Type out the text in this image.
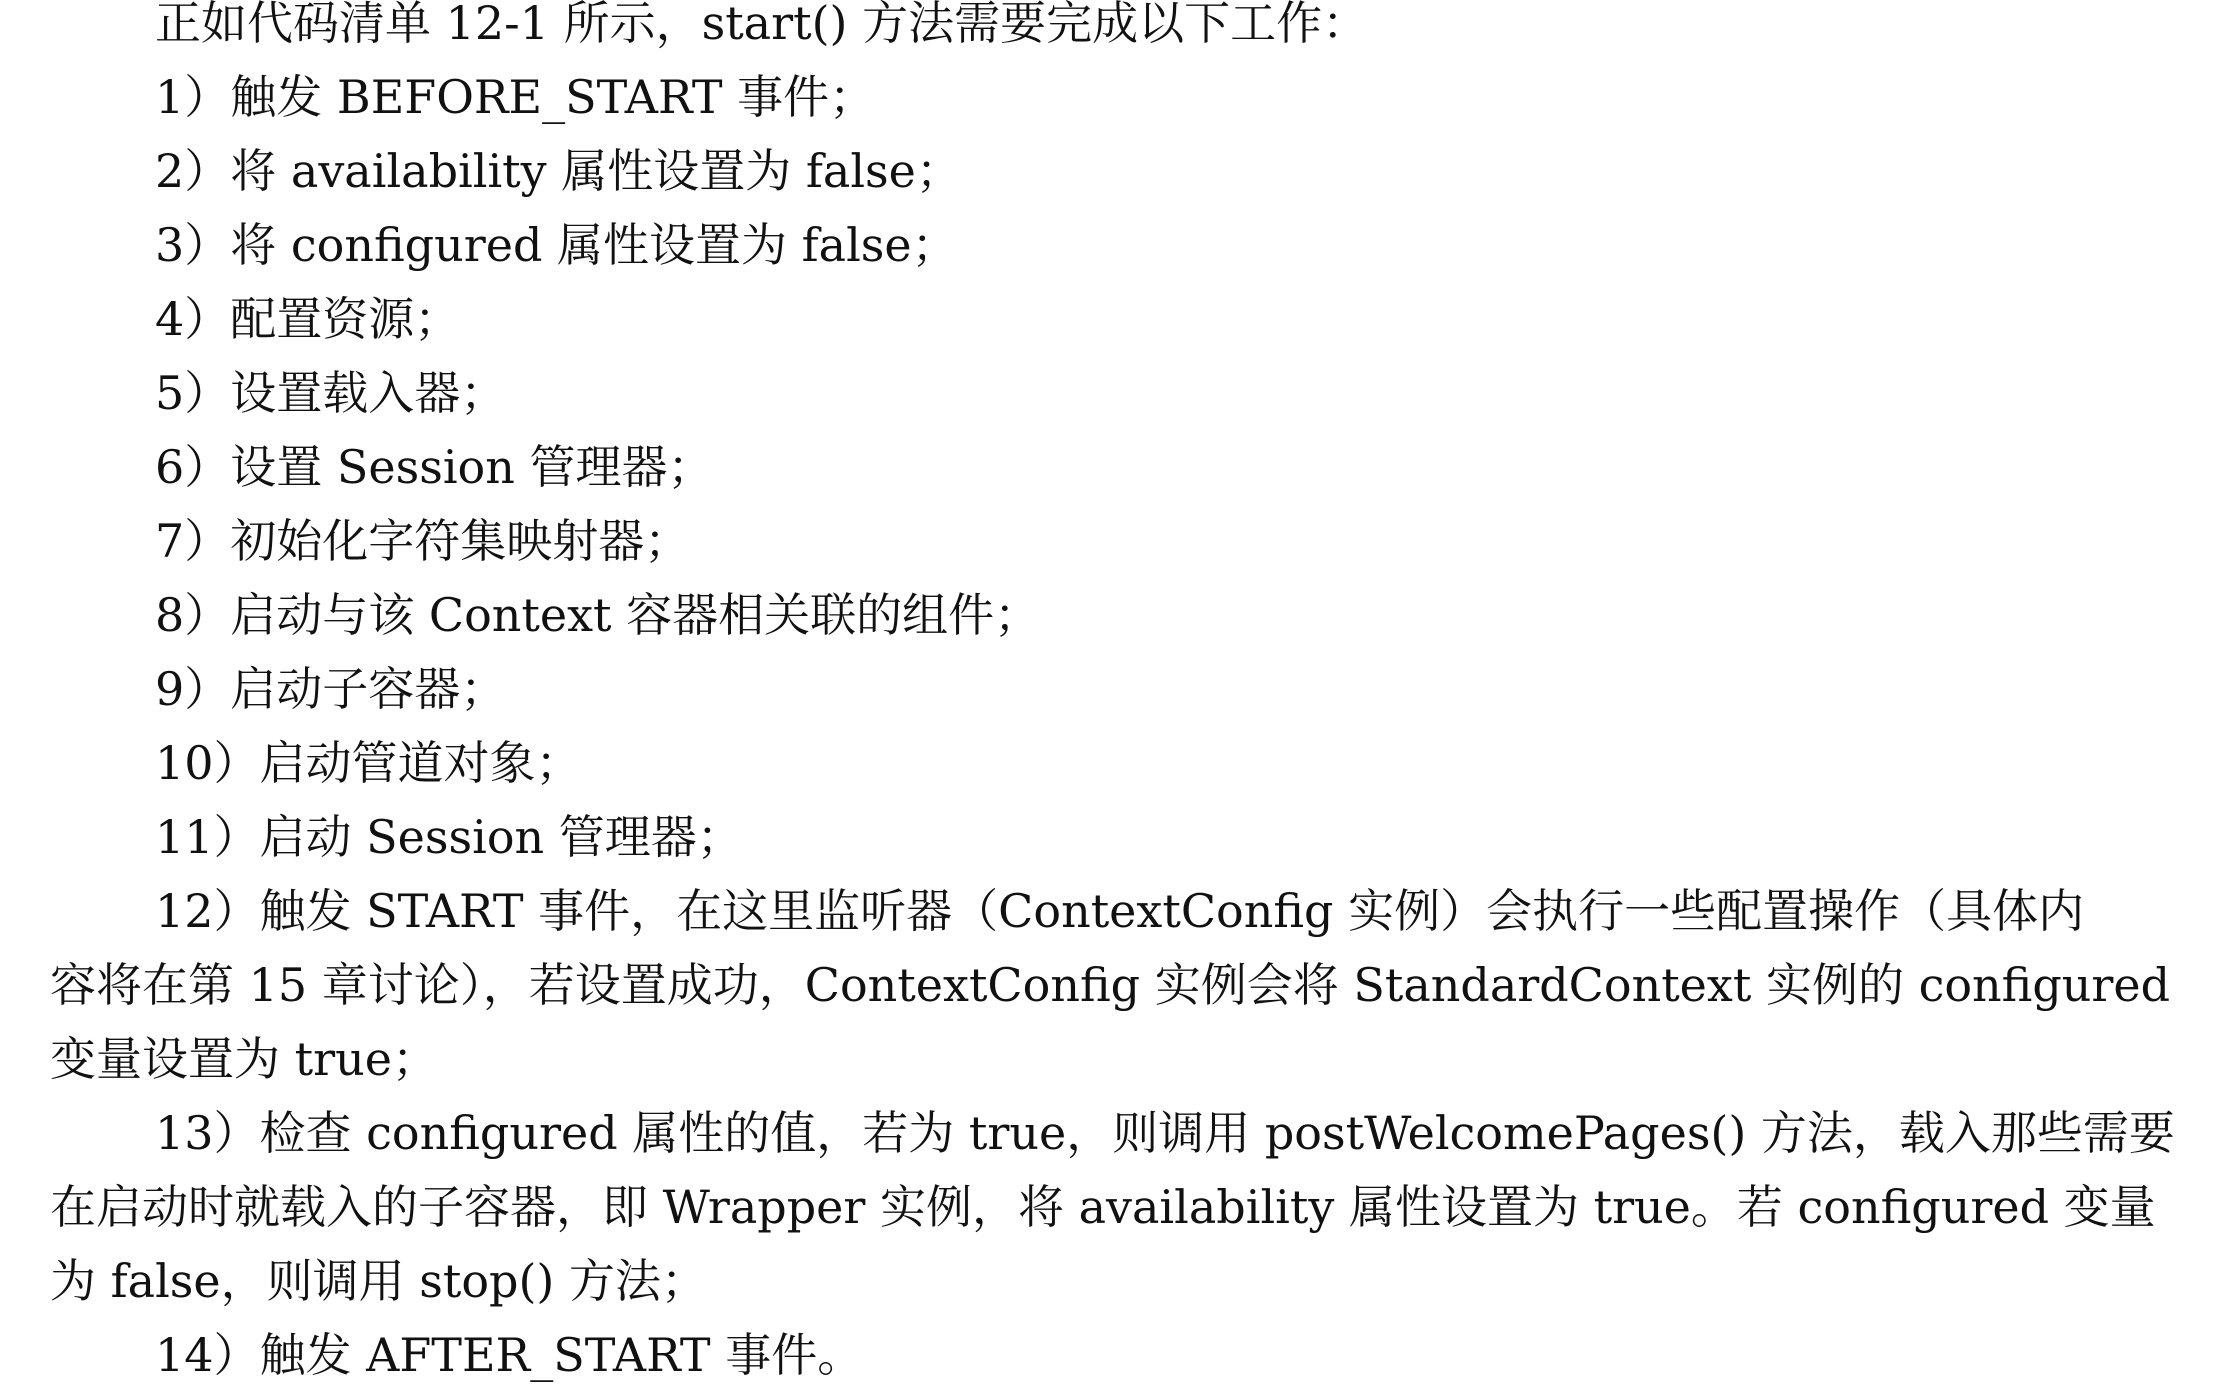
正如代码清单 12-1 所示，start() 方法需要完成以下工作：
1）触发 BEFORE_START 事件；
2）将 availability 属性设置为 false；
3）将 configured 属性设置为 false；
4）配置资源；
5）设置载入器；
6）设置 Session 管理器；
7）初始化字符集映射器；
8）启动与该 Context 容器相关联的组件；
9）启动子容器；
10）启动管道对象；
11）启动 Session 管理器；
12）触发 START 事件，在这里监听器（ContextConfig 实例）会执行一些配置操作（具体内
容将在第 15 章讨论），若设置成功，ContextConfig 实例会将 StandardContext 实例的 configured
变量设置为 true；
13）检查 configured 属性的值，若为 true，则调用 postWelcomePages() 方法，载入那些需要
在启动时就载入的子容器，即 Wrapper 实例，将 availability 属性设置为 true。若 configured 变量
为 false，则调用 stop() 方法；
14）触发 AFTER_START 事件。
